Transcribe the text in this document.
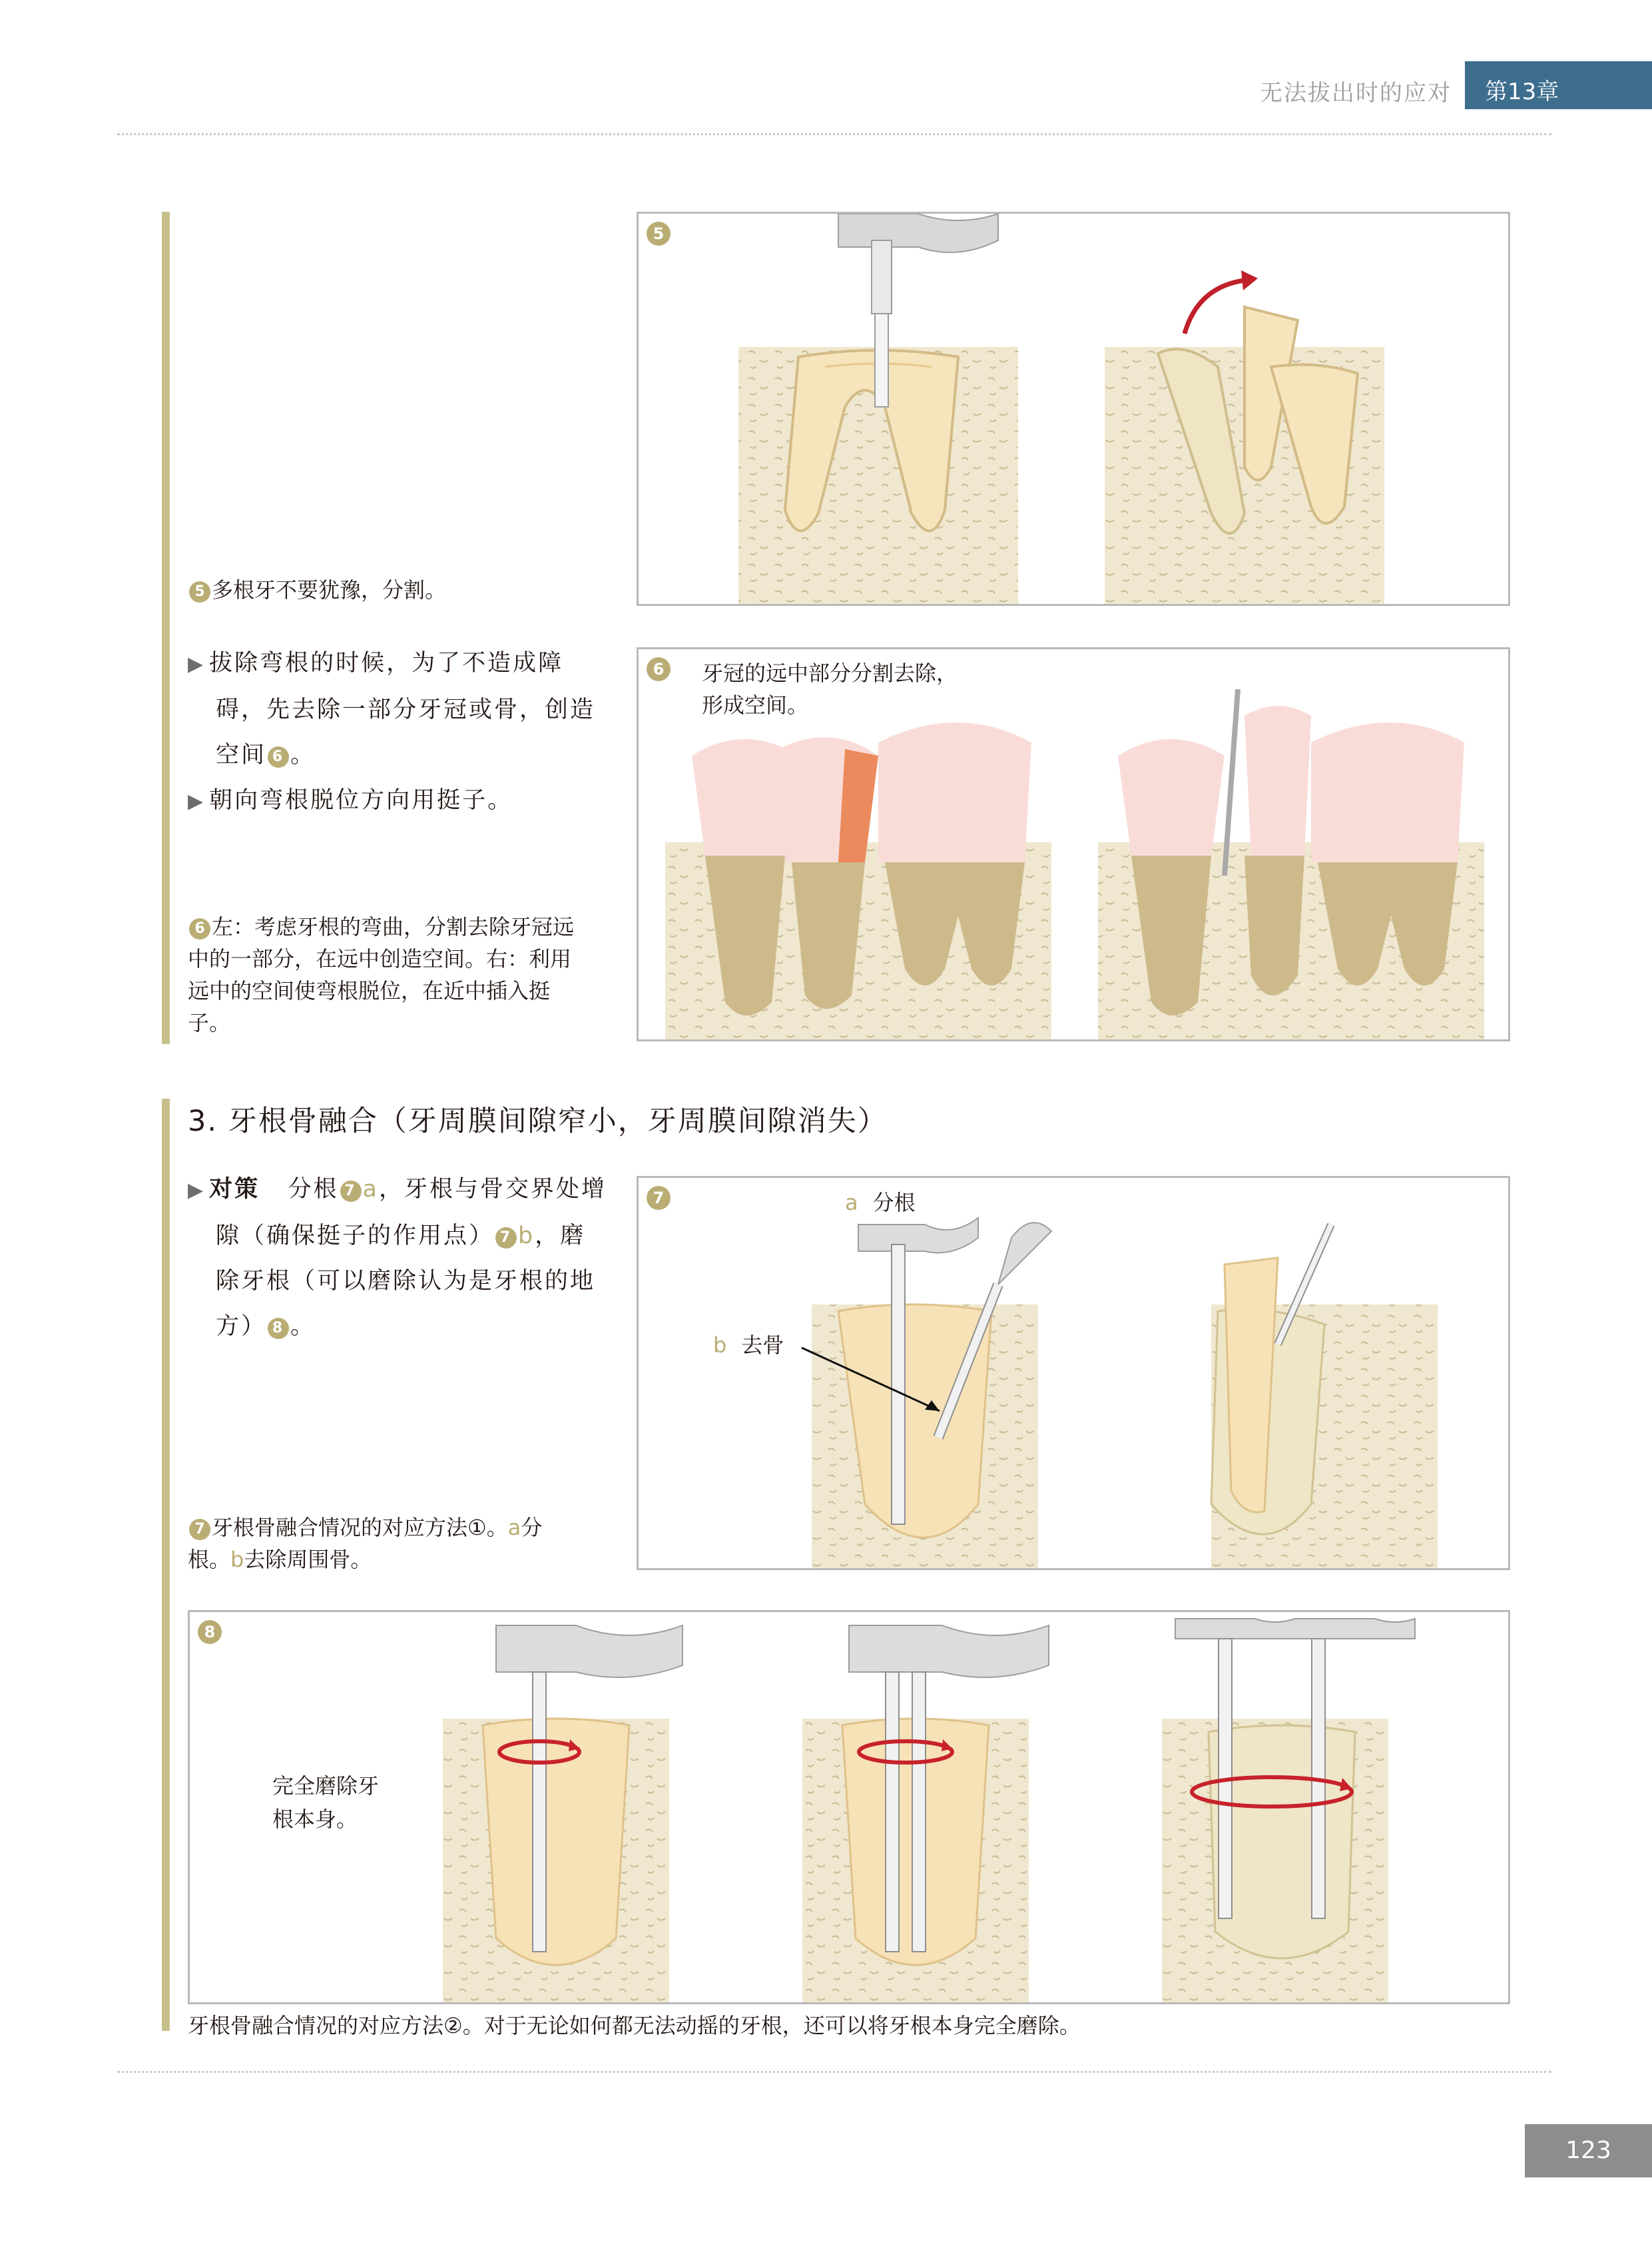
无法拔出时的应对	第13章
5
5 多根牙不要犹豫，分割。
▶ 拔除弯根的时候，为了不造成障
碍，先去除一部分牙冠或骨，创造
空间 6 。
▶ 朝向弯根脱位方向用挺子。
6	牙冠的远中部分分割去除，
形成空间。
6 左：考虑牙根的弯曲，分割去除牙冠远
中的一部分，在远中创造空间。右：利用
远中的空间使弯根脱位，在近中插入挺
子。
3. 牙根骨融合（牙周膜间隙窄小，牙周膜间隙消失）
▶ 对策 分根 7 a，牙根与骨交界处增
隙（确保挺子的作用点） 7 b，磨
除牙根（可以磨除认为是牙根的地
方） 8 。
7	a 分根
b 去骨
7 牙根骨融合情况的对应方法①。a分
根。b去除周围骨。
8
完全磨除牙
根本身。
牙根骨融合情况的对应方法②。对于无论如何都无法动摇的牙根，还可以将牙根本身完全磨除。
123
